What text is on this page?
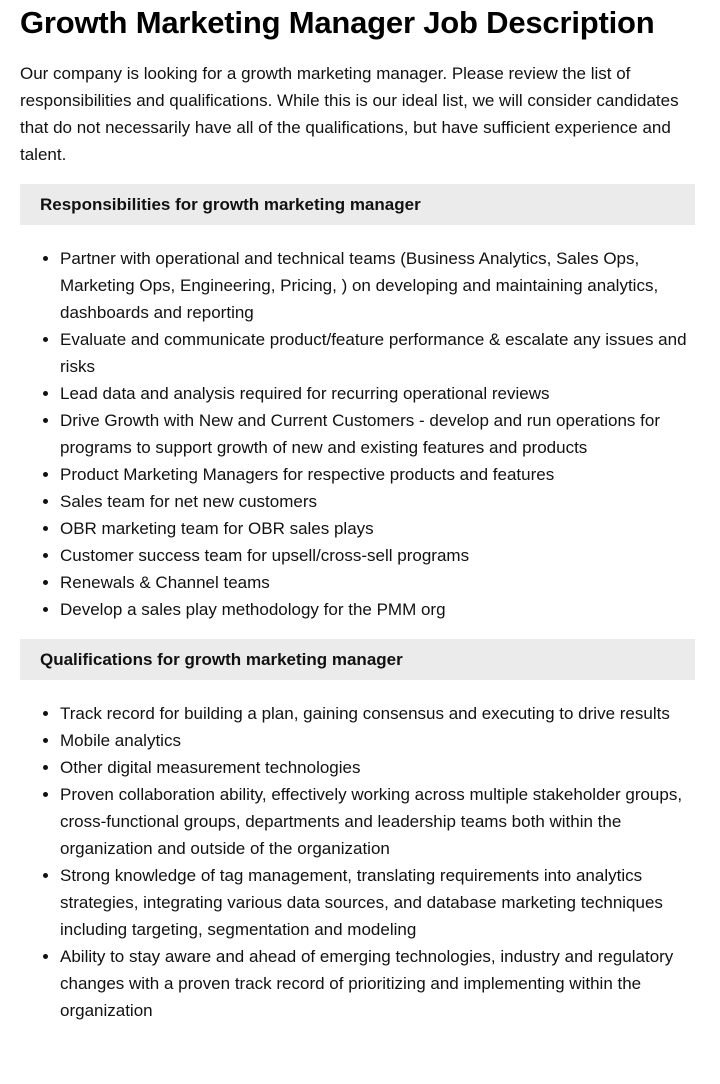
Growth Marketing Manager Job Description

Our company is looking for a growth marketing manager. Please review the list of responsibilities and qualifications. While this is our ideal list, we will consider candidates that do not necessarily have all of the qualifications, but have sufficient experience and talent.

Responsibilities for growth marketing manager
• Partner with operational and technical teams (Business Analytics, Sales Ops, Marketing Ops, Engineering, Pricing, ) on developing and maintaining analytics, dashboards and reporting
• Evaluate and communicate product/feature performance & escalate any issues and risks
• Lead data and analysis required for recurring operational reviews
• Drive Growth with New and Current Customers - develop and run operations for programs to support growth of new and existing features and products
• Product Marketing Managers for respective products and features
• Sales team for net new customers
• OBR marketing team for OBR sales plays
• Customer success team for upsell/cross-sell programs
• Renewals & Channel teams
• Develop a sales play methodology for the PMM org
Qualifications for growth marketing manager
• Track record for building a plan, gaining consensus and executing to drive results
• Mobile analytics
• Other digital measurement technologies
• Proven collaboration ability, effectively working across multiple stakeholder groups, cross-functional groups, departments and leadership teams both within the organization and outside of the organization
• Strong knowledge of tag management, translating requirements into analytics strategies, integrating various data sources, and database marketing techniques including targeting, segmentation and modeling
• Ability to stay aware and ahead of emerging technologies, industry and regulatory changes with a proven track record of prioritizing and implementing within the organization
